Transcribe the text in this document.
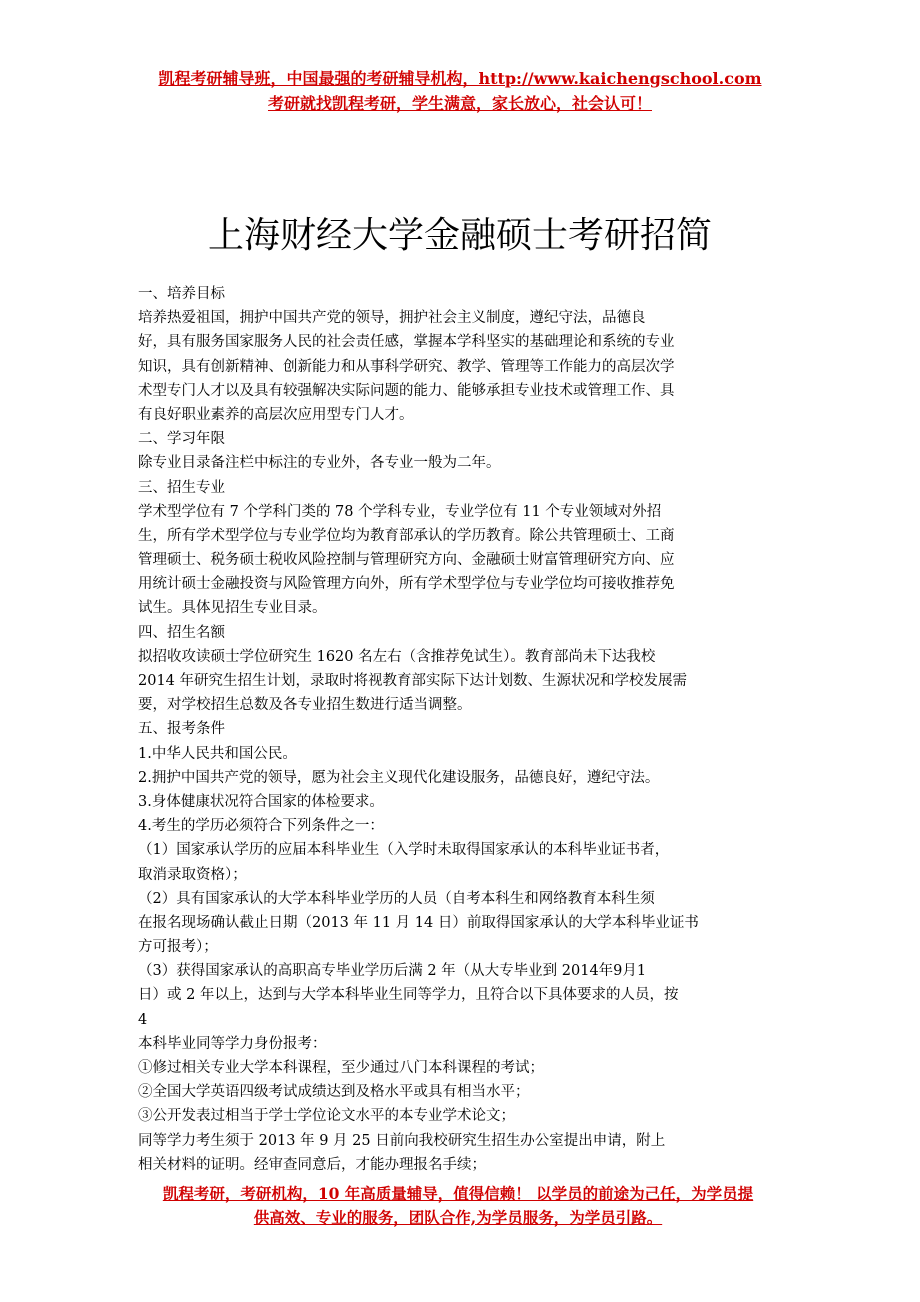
凯程考研辅导班，中国最强的考研辅导机构，http://www.kaichengschool.com
考研就找凯程考研，学生满意，家长放心，社会认可！
上海财经大学金融硕士考研招简
一、培养目标
培养热爱祖国，拥护中国共产党的领导，拥护社会主义制度，遵纪守法，品德良
好，具有服务国家服务人民的社会责任感，掌握本学科坚实的基础理论和系统的专业
知识，具有创新精神、创新能力和从事科学研究、教学、管理等工作能力的高层次学
术型专门人才以及具有较强解决实际问题的能力、能够承担专业技术或管理工作、具
有良好职业素养的高层次应用型专门人才。
二、学习年限
除专业目录备注栏中标注的专业外，各专业一般为二年。
三、招生专业
学术型学位有 7 个学科门类的 78 个学科专业，专业学位有 11 个专业领域对外招
生，所有学术型学位与专业学位均为教育部承认的学历教育。除公共管理硕士、工商
管理硕士、税务硕士税收风险控制与管理研究方向、金融硕士财富管理研究方向、应
用统计硕士金融投资与风险管理方向外，所有学术型学位与专业学位均可接收推荐免
试生。具体见招生专业目录。
四、招生名额
拟招收攻读硕士学位研究生 1620 名左右（含推荐免试生）。教育部尚未下达我校
2014 年研究生招生计划，录取时将视教育部实际下达计划数、生源状况和学校发展需
要，对学校招生总数及各专业招生数进行适当调整。
五、报考条件
1.中华人民共和国公民。
2.拥护中国共产党的领导，愿为社会主义现代化建设服务，品德良好，遵纪守法。
3.身体健康状况符合国家的体检要求。
4.考生的学历必须符合下列条件之一：
（1）国家承认学历的应届本科毕业生（入学时未取得国家承认的本科毕业证书者，
取消录取资格）；
（2）具有国家承认的大学本科毕业学历的人员（自考本科生和网络教育本科生须
在报名现场确认截止日期（2013 年 11 月 14 日）前取得国家承认的大学本科毕业证书
方可报考）；
（3）获得国家承认的高职高专毕业学历后满 2 年（从大专毕业到 2014年9月1
日）或 2 年以上，达到与大学本科毕业生同等学力，且符合以下具体要求的人员，按
4
本科毕业同等学力身份报考：
①修过相关专业大学本科课程，至少通过八门本科课程的考试；
②全国大学英语四级考试成绩达到及格水平或具有相当水平；
③公开发表过相当于学士学位论文水平的本专业学术论文；
同等学力考生须于 2013 年 9 月 25 日前向我校研究生招生办公室提出申请，附上
相关材料的证明。经审查同意后，才能办理报名手续；
凯程考研，考研机构，10 年高质量辅导，值得信赖！ 以学员的前途为己任，为学员提
供高效、专业的服务，团队合作,为学员服务，为学员引路。
